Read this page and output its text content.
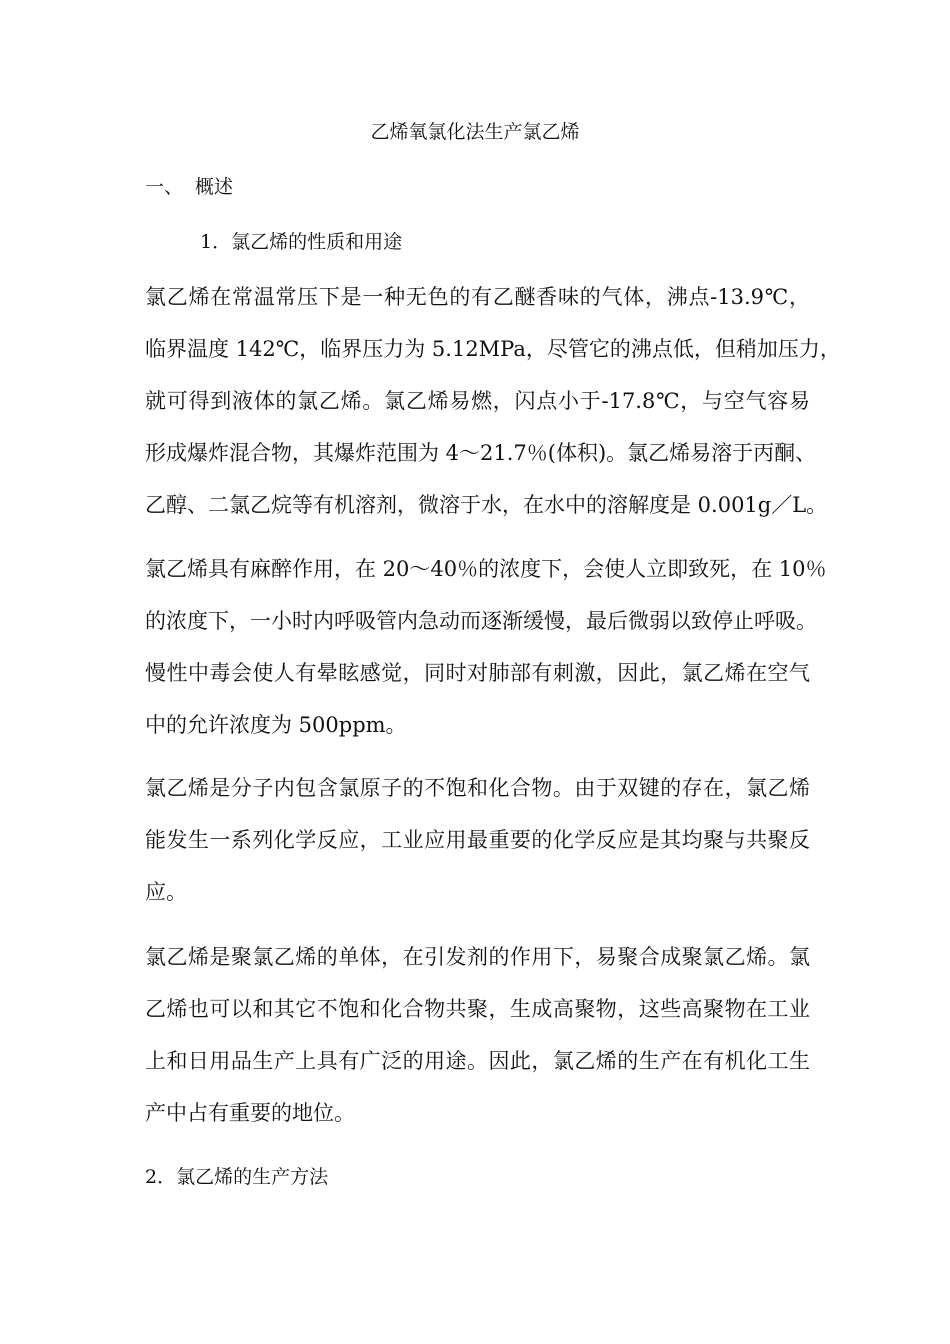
乙烯氧氯化法生产氯乙烯
一、 概述
1．氯乙烯的性质和用途

氯乙烯在常温常压下是一种无色的有乙醚香味的气体，沸点-13.9℃，
临界温度 142℃，临界压力为 5.12MPa，尽管它的沸点低，但稍加压力，
就可得到液体的氯乙烯。氯乙烯易燃，闪点小于-17.8℃，与空气容易
形成爆炸混合物，其爆炸范围为 4～21.7％(体积)。氯乙烯易溶于丙酮、
乙醇、二氯乙烷等有机溶剂，微溶于水，在水中的溶解度是 0.001g／L。

氯乙烯具有麻醉作用，在 20～40％的浓度下，会使人立即致死，在 10％
的浓度下，一小时内呼吸管内急动而逐渐缓慢，最后微弱以致停止呼吸。
慢性中毒会使人有晕眩感觉，同时对肺部有刺激，因此，氯乙烯在空气
中的允许浓度为 500ppm。

氯乙烯是分子内包含氯原子的不饱和化合物。由于双键的存在，氯乙烯
能发生一系列化学反应，工业应用最重要的化学反应是其均聚与共聚反
应。

氯乙烯是聚氯乙烯的单体，在引发剂的作用下，易聚合成聚氯乙烯。氯
乙烯也可以和其它不饱和化合物共聚，生成高聚物，这些高聚物在工业
上和日用品生产上具有广泛的用途。因此，氯乙烯的生产在有机化工生
产中占有重要的地位。

2．氯乙烯的生产方法
